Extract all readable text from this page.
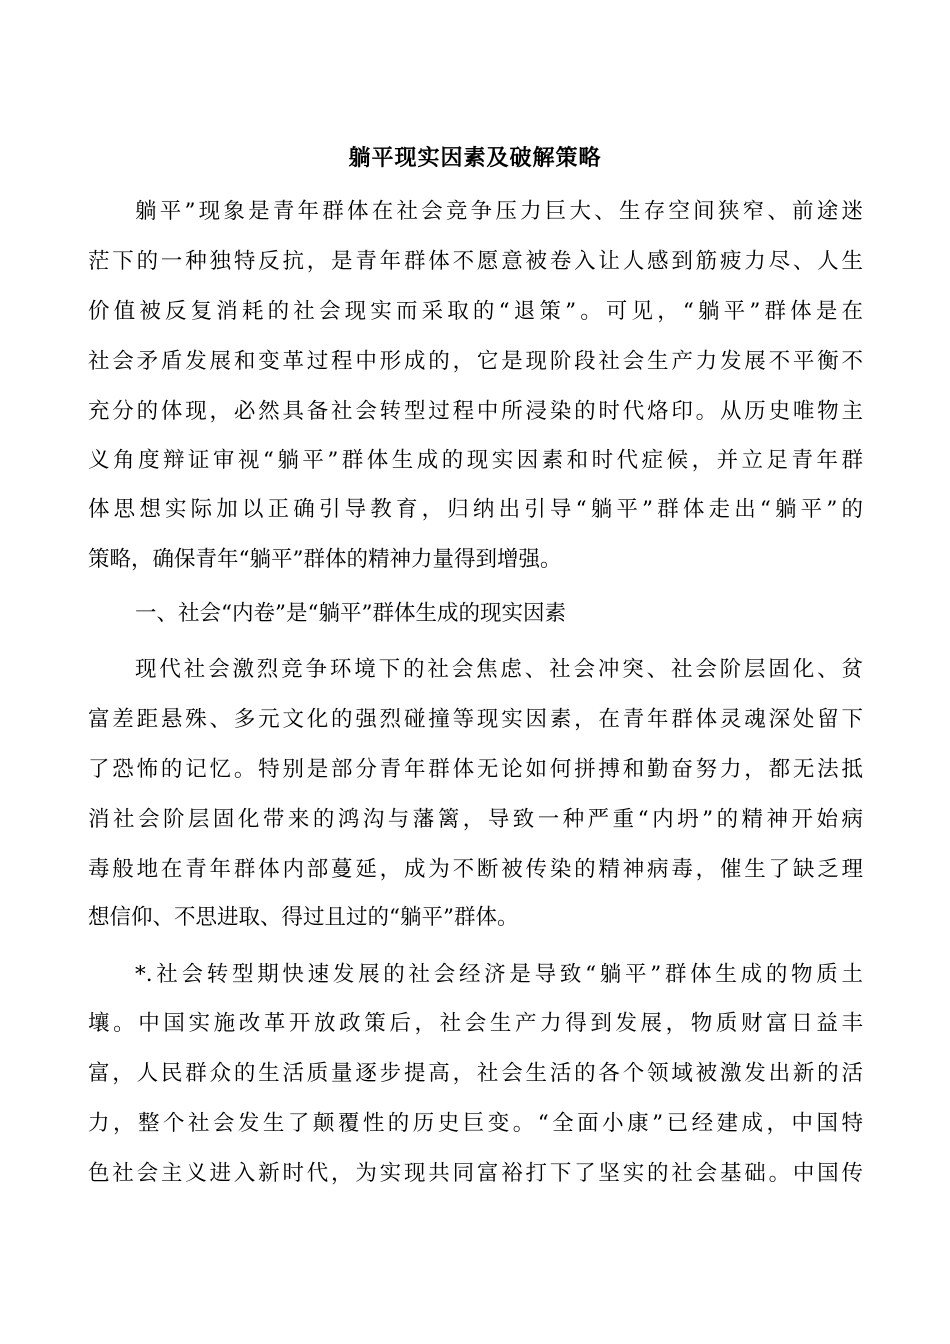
躺平现实因素及破解策略
躺平”现象是青年群体在社会竞争压力巨大、生存空间狭窄、前途迷
茫下的一种独特反抗，是青年群体不愿意被卷入让人感到筋疲力尽、人生
价值被反复消耗的社会现实而采取的“退策”。可见，“躺平”群体是在
社会矛盾发展和变革过程中形成的，它是现阶段社会生产力发展不平衡不
充分的体现，必然具备社会转型过程中所浸染的时代烙印。从历史唯物主
义角度辩证审视“躺平”群体生成的现实因素和时代症候，并立足青年群
体思想实际加以正确引导教育，归纳出引导“躺平”群体走出“躺平”的
策略，确保青年“躺平”群体的精神力量得到增强。
一、社会“内卷”是“躺平”群体生成的现实因素
现代社会激烈竞争环境下的社会焦虑、社会冲突、社会阶层固化、贫
富差距悬殊、多元文化的强烈碰撞等现实因素，在青年群体灵魂深处留下
了恐怖的记忆。特别是部分青年群体无论如何拼搏和勤奋努力，都无法抵
消社会阶层固化带来的鸿沟与藩篱，导致一种严重“内坍”的精神开始病
毒般地在青年群体内部蔓延，成为不断被传染的精神病毒，催生了缺乏理
想信仰、不思进取、得过且过的“躺平”群体。
*.社会转型期快速发展的社会经济是导致“躺平”群体生成的物质土
壤。中国实施改革开放政策后，社会生产力得到发展，物质财富日益丰
富，人民群众的生活质量逐步提高，社会生活的各个领域被激发出新的活
力，整个社会发生了颠覆性的历史巨变。“全面小康”已经建成，中国特
色社会主义进入新时代，为实现共同富裕打下了坚实的社会基础。中国传
